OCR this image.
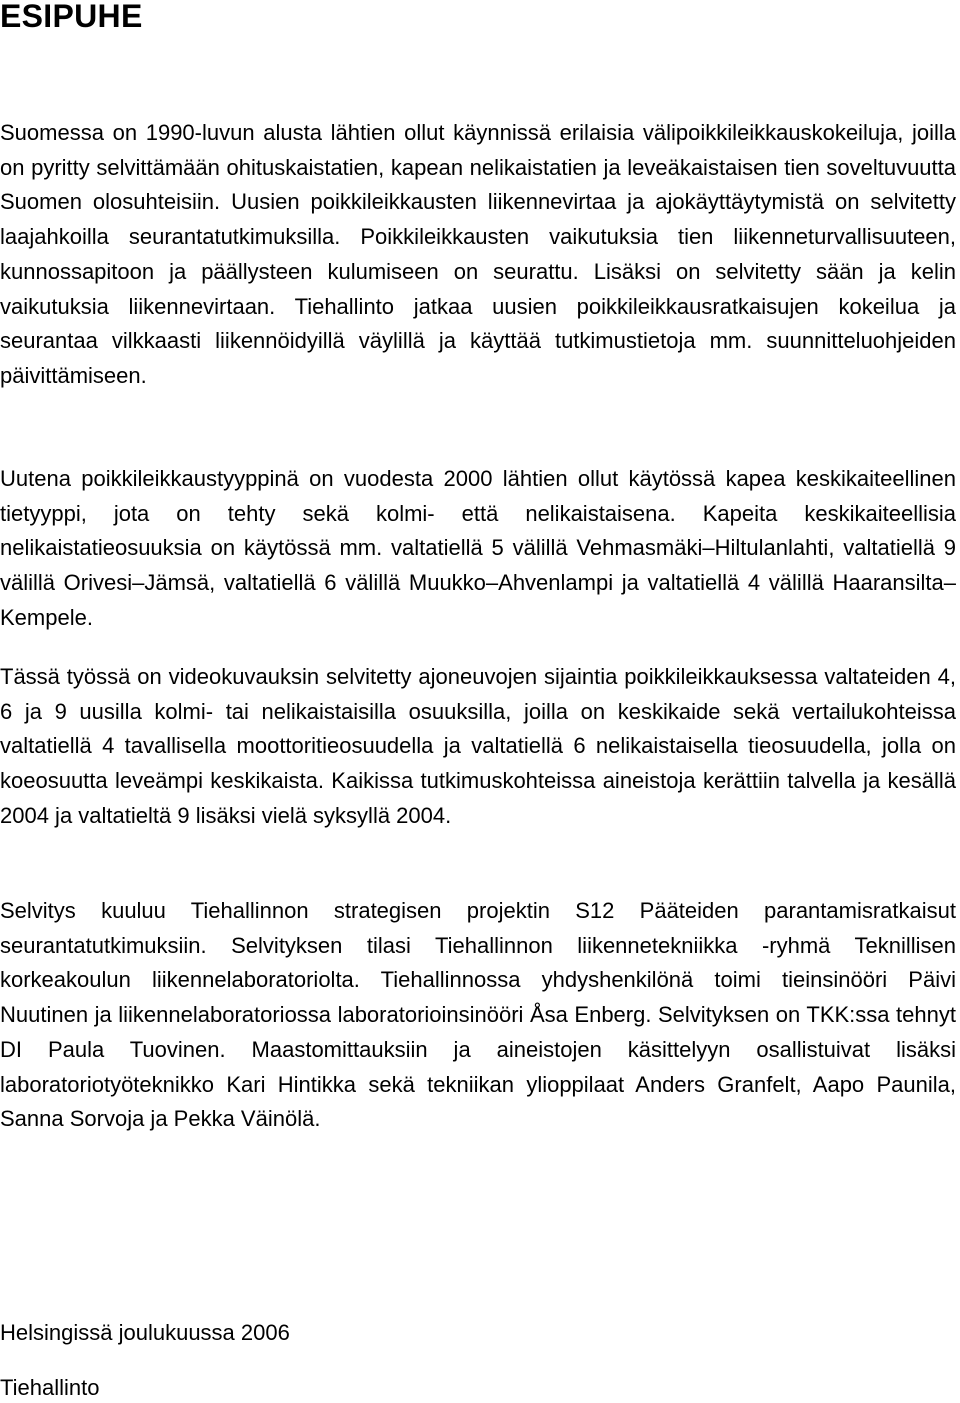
ESIPUHE

Suomessa on 1990-luvun alusta lähtien ollut käynnissä erilaisia välipoikkileikkauskokeiluja, joilla on pyritty selvittämään ohituskaistatien, kapean nelikaistatien ja leveäkaistaisen tien soveltuvuutta Suomen olosuhteisiin. Uusien poikkileikkausten liikennevirtaa ja ajokäyttäytymistä on selvitetty laajahkoilla seurantatutkimuksilla. Poikkileikkausten vaikutuksia tien liikenneturvallisuuteen, kunnossapitoon ja päällysteen kulumiseen on seurattu. Lisäksi on selvitetty sään ja kelin vaikutuksia liikennevirtaan. Tiehallinto jatkaa uusien poikkileikkausratkaisujen kokeilua ja seurantaa vilkkaasti liikennöidyillä väylillä ja käyttää tutkimustietoja mm. suunnitteluohjeiden päivittämiseen.

Uutena poikkileikkaustyyppinä on vuodesta 2000 lähtien ollut käytössä kapea keskikaiteellinen tietyyppi, jota on tehty sekä kolmi- että nelikaistaisena. Kapeita keskikaiteellisia nelikaistatieosuuksia on käytössä mm. valtatiellä 5 välillä Vehmasmäki–Hiltulanlahti, valtatiellä 9 välillä Orivesi–Jämsä, valtatiellä 6 välillä Muukko–Ahvenlampi ja valtatiellä 4 välillä Haaransilta–Kempele.

Tässä työssä on videokuvauksin selvitetty ajoneuvojen sijaintia poikkileikkauksessa valtateiden 4, 6 ja 9 uusilla kolmi- tai nelikaistaisilla osuuksilla, joilla on keskikaide sekä vertailukohteissa valtatiellä 4 tavallisella moottoritieosuudella ja valtatiellä 6 nelikaistaisella tieosuudella, jolla on koeosuutta leveämpi keskikaista. Kaikissa tutkimuskohteissa aineistoja kerättiin talvella ja kesällä 2004 ja valtatieltä 9 lisäksi vielä syksyllä 2004.

Selvitys kuuluu Tiehallinnon strategisen projektin S12 Pääteiden parantamisratkaisut seurantatutkimuksiin. Selvityksen tilasi Tiehallinnon liikennetekniikka -ryhmä Teknillisen korkeakoulun liikennelaboratoriolta. Tiehallinnossa yhdyshenkilönä toimi tieinsinööri Päivi Nuutinen ja liikennelaboratoriossa laboratorioinsinööri Åsa Enberg. Selvityksen on TKK:ssa tehnyt DI Paula Tuovinen. Maastomittauksiin ja aineistojen käsittelyyn osallistuivat lisäksi laboratoriotyöteknikko Kari Hintikka sekä tekniikan ylioppilaat Anders Granfelt, Aapo Paunila, Sanna Sorvoja ja Pekka Väinölä.

Helsingissä joulukuussa 2006

Tiehallinto
